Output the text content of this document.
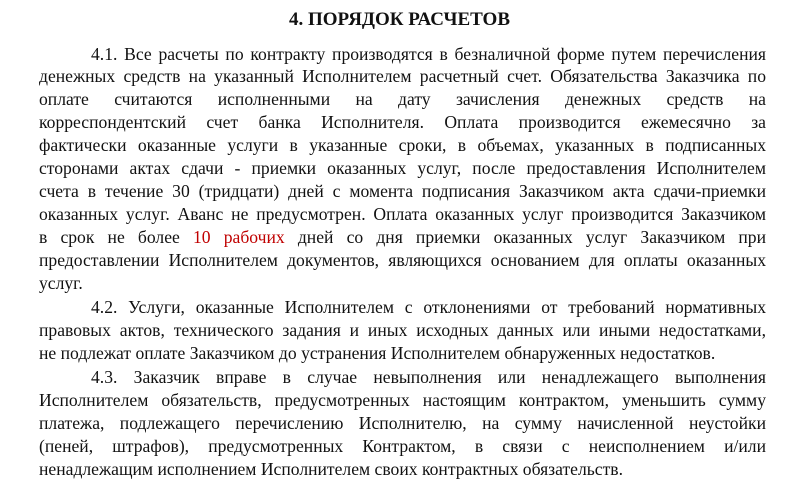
4. ПОРЯДОК РАСЧЕТОВ
4.1. Все расчеты по контракту производятся в безналичной форме путем перечисления
денежных средств на указанный Исполнителем расчетный счет. Обязательства Заказчика по
оплате считаются исполненными на дату зачисления денежных средств на
корреспондентский счет банка Исполнителя. Оплата производится ежемесячно за
фактически оказанные услуги в указанные сроки, в объемах, указанных в подписанных
сторонами актах сдачи - приемки оказанных услуг, после предоставления Исполнителем
счета в течение 30 (тридцати) дней с момента подписания Заказчиком акта сдачи-приемки
оказанных услуг. Аванс не предусмотрен. Оплата оказанных услуг производится Заказчиком
в срок не более 10 рабочих дней со дня приемки оказанных услуг Заказчиком при
предоставлении Исполнителем документов, являющихся основанием для оплаты оказанных
услуг.
4.2. Услуги, оказанные Исполнителем с отклонениями от требований нормативных
правовых актов, технического задания и иных исходных данных или иными недостатками,
не подлежат оплате Заказчиком до устранения Исполнителем обнаруженных недостатков.
4.3. Заказчик вправе в случае невыполнения или ненадлежащего выполнения
Исполнителем обязательств, предусмотренных настоящим контрактом, уменьшить сумму
платежа, подлежащего перечислению Исполнителю, на сумму начисленной неустойки
(пеней, штрафов), предусмотренных Контрактом, в связи с неисполнением и/или
ненадлежащим исполнением Исполнителем своих контрактных обязательств.
